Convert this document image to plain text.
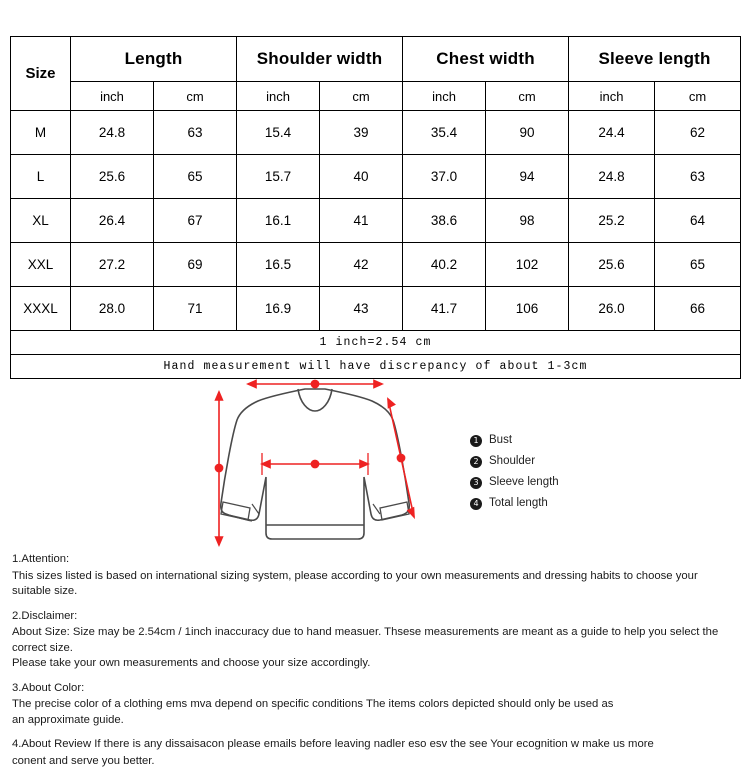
Size	Length		Shoulder width		Chest width		Sleeve length	
	inch	cm	inch	cm	inch	cm	inch	cm
M	24.8	63	15.4	39	35.4	90	24.4	62
L	25.6	65	15.7	40	37.0	94	24.8	63
XL	26.4	67	16.1	41	38.6	98	25.2	64
XXL	27.2	69	16.5	42	40.2	102	25.6	65
XXXL	28.0	71	16.9	43	41.7	106	26.0	66
1 inch=2.54 cm								
Hand measurement will have discrepancy of about 1-3cm								
2
4
1
3
1 Bust
2 Shoulder
3 Sleeve length
4 Total length

1.Attention:

This sizes listed is based on international sizing system, please according to your own measurements and dressing habits to choose your suitable size.

2.Disclaimer:

About Size: Size may be 2.54cm / 1inch inaccuracy due to hand measuer. Thsese measurements are meant as a guide to help you select the correct size.

Please take your own measurements and choose your size accordingly.

3.About Color:

The precise color of a clothing ems mva depend on specific conditions The items colors depicted should only be used as

an approximate guide.

4.About Review If there is any dissaisacon please emails before leaving nadler eso esv the see Your ecognition w make us more

conent and serve you better.
